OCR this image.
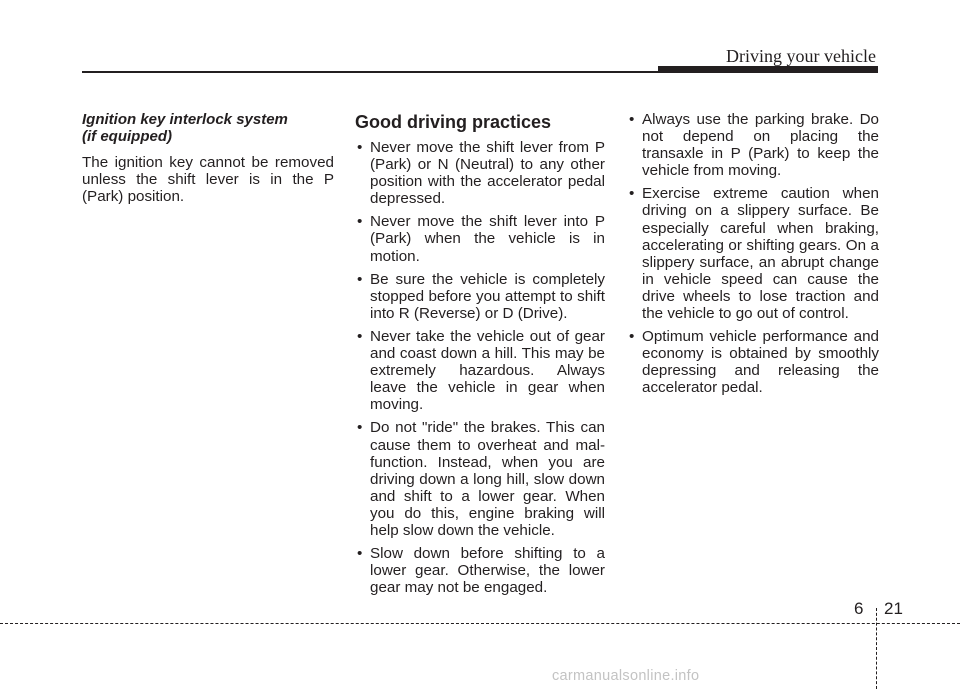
Driving your vehicle
Ignition key interlock system
(if equipped)

The ignition key cannot be removed unless the shift lever is in the P (Park) position.

Good driving practices
• Never move the shift lever from P (Park) or N (Neutral) to any other position with the accelerator pedal depressed.
• Never move the shift lever into P (Park) when the vehicle is in motion.
• Be sure the vehicle is completely stopped before you attempt to shift into R (Reverse) or D (Drive).
• Never take the vehicle out of gear and coast down a hill. This may be extremely hazardous. Always leave the vehicle in gear when moving.
• Do not "ride" the brakes. This can cause them to overheat and mal-function. Instead, when you are driving down a long hill, slow down and shift to a lower gear. When you do this, engine braking will help slow down the vehicle.
• Slow down before shifting to a lower gear. Otherwise, the lower gear may not be engaged.
• Always use the parking brake. Do not depend on placing the transaxle in P (Park) to keep the vehicle from moving.
• Exercise extreme caution when driving on a slippery surface. Be especially careful when braking, accelerating or shifting gears. On a slippery surface, an abrupt change in vehicle speed can cause the drive wheels to lose traction and the vehicle to go out of control.
• Optimum vehicle performance and economy is obtained by smoothly depressing and releasing the accelerator pedal.
6 21
carmanualsonline.info
